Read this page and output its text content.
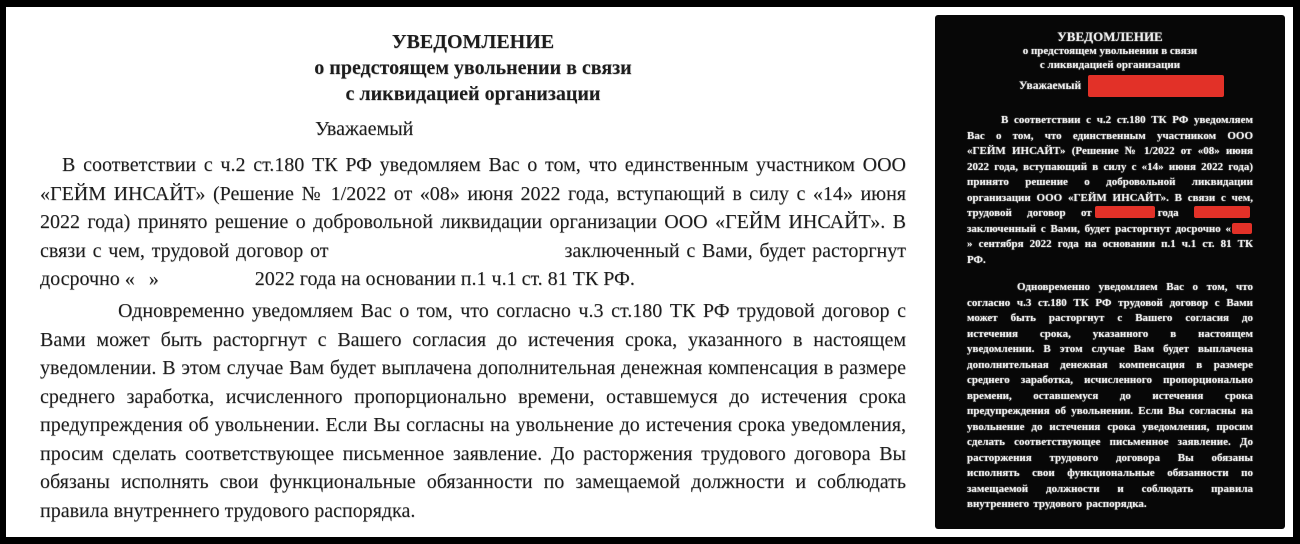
УВЕДОМЛЕНИЕ
о предстоящем увольнении в связи
с ликвидацией организации
Уважаемый

В соответствии с ч.2 ст.180 ТК РФ уведомляем Вас о том, что единственным участником ООО «ГЕЙМ ИНСАЙТ» (Решение № 1/2022 от «08» июня 2022 года, вступающий в силу с «14» июня 2022 года) принято решение о добровольной ликвидации организации ООО «ГЕЙМ ИНСАЙТ». В связи с чем, трудовой договор от	заключенный с Вами, будет расторгнут досрочно « »	2022 года на основании п.1 ч.1 ст. 81 ТК РФ.

Одновременно уведомляем Вас о том, что согласно ч.3 ст.180 ТК РФ трудовой договор с Вами может быть расторгнут с Вашего согласия до истечения срока, указанного в настоящем уведомлении. В этом случае Вам будет выплачена дополнительная денежная компенсация в размере среднего заработка, исчисленного пропорционально времени, оставшемуся до истечения срока предупреждения об увольнении. Если Вы согласны на увольнение до истечения срока уведомления, просим сделать соответствующее письменное заявление. До расторжения трудового договора Вы обязаны исполнять свои функциональные обязанности по замещаемой должности и соблюдать правила внутреннего трудового распорядка.

УВЕДОМЛЕНИЕ
о предстоящем увольнении в связи
с ликвидацией организации
Уважаемый

В соответствии с ч.2 ст.180 ТК РФ уведомляем Вас о том, что единственным участником ООО «ГЕЙМ ИНСАЙТ» (Решение № 1/2022 от «08» июня 2022 года, вступающий в силу с «14» июня 2022 года) принято решение о добровольной ликвидации организации ООО «ГЕЙМ ИНСАЙТ». В связи с чем, трудовой договор от	года заключенный с Вами, будет расторгнут досрочно «» сентября 2022 года на основании п.1 ч.1 ст. 81 ТК РФ.

Одновременно уведомляем Вас о том, что согласно ч.3 ст.180 ТК РФ трудовой договор с Вами может быть расторгнут с Вашего согласия до истечения срока, указанного в настоящем уведомлении. В этом случае Вам будет выплачена дополнительная денежная компенсация в размере среднего заработка, исчисленного пропорционально времени, оставшемуся до истечения срока предупреждения об увольнении. Если Вы согласны на увольнение до истечения срока уведомления, просим сделать соответствующее письменное заявление. До расторжения трудового договора Вы обязаны исполнять свои функциональные обязанности по замещаемой должности и соблюдать правила внутреннего трудового распорядка.
